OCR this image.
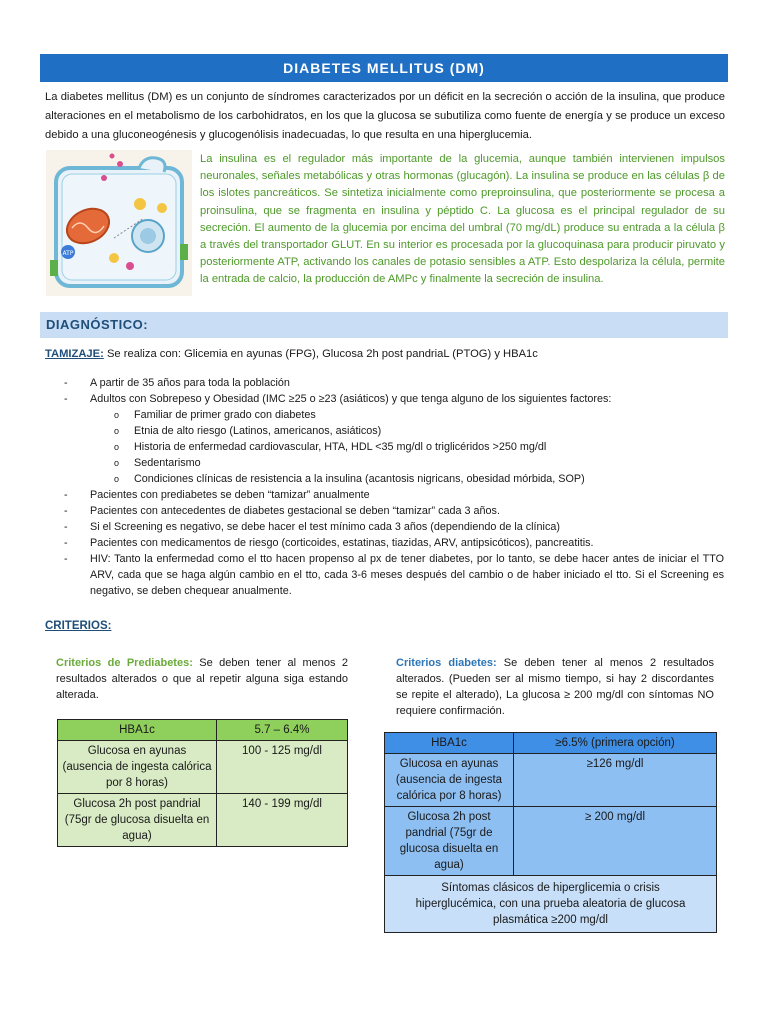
DIABETES MELLITUS (DM)
La diabetes mellitus (DM) es un conjunto de síndromes caracterizados por un déficit en la secreción o acción de la insulina, que produce alteraciones en el metabolismo de los carbohidratos, en los que la glucosa se subutiliza como fuente de energía y se produce un exceso debido a una gluconeogénesis y glucogenólisis inadecuadas, lo que resulta en una hiperglucemia.
ATP
La insulina es el regulador más importante de la glucemia, aunque también intervienen impulsos neuronales, señales metabólicas y otras hormonas (glucagón). La insulina se produce en las células β de los islotes pancreáticos. Se sintetiza inicialmente como preproinsulina, que posteriormente se procesa a proinsulina, que se fragmenta en insulina y péptido C. La glucosa es el principal regulador de su secreción. El aumento de la glucemia por encima del umbral (70 mg/dL) produce su entrada a la célula β a través del transportador GLUT. En su interior es procesada por la glucoquinasa para producir piruvato y posteriormente ATP, activando los canales de potasio sensibles a ATP. Esto despolariza la célula, permite la entrada de calcio, la producción de AMPc y finalmente la secreción de insulina.
DIAGNÓSTICO:
TAMIZAJE: Se realiza con: Glicemia en ayunas (FPG), Glucosa 2h post pandriaL (PTOG) y HBA1c
- A partir de 35 años para toda la población
- Adultos con Sobrepeso y Obesidad (IMC ≥25 o ≥23 (asiáticos) y que tenga alguno de los siguientes factores:
o Familiar de primer grado con diabetes
o Etnia de alto riesgo (Latinos, americanos, asiáticos)
o Historia de enfermedad cardiovascular, HTA, HDL <35 mg/dl o triglicéridos >250 mg/dl
o Sedentarismo
o Condiciones clínicas de resistencia a la insulina (acantosis nigricans, obesidad mórbida, SOP)
- Pacientes con prediabetes se deben “tamizar” anualmente
- Pacientes con antecedentes de diabetes gestacional se deben “tamizar” cada 3 años.
- Si el Screening es negativo, se debe hacer el test mínimo cada 3 años (dependiendo de la clínica)
- Pacientes con medicamentos de riesgo (corticoides, estatinas, tiazidas, ARV, antipsicóticos), pancreatitis.
- HIV: Tanto la enfermedad como el tto hacen propenso al px de tener diabetes, por lo tanto, se debe hacer antes de iniciar el TTO ARV, cada que se haga algún cambio en el tto, cada 3-6 meses después del cambio o de haber iniciado el tto. Si el Screening es negativo, se deben chequear anualmente.
CRITERIOS:
Criterios de Prediabetes: Se deben tener al menos 2 resultados alterados o que al repetir alguna siga estando alterada.
Criterios diabetes: Se deben tener al menos 2 resultados alterados. (Pueden ser al mismo tiempo, si hay 2 discordantes se repite el alterado), La glucosa ≥ 200 mg/dl con síntomas NO requiere confirmación.
HBA1c	5.7 – 6.4%
Glucosa en ayunas (ausencia de ingesta calórica por 8 horas)	100 - 125 mg/dl
Glucosa 2h post pandrial (75gr de glucosa disuelta en agua)	140 - 199 mg/dl
HBA1c	≥6.5% (primera opción)
Glucosa en ayunas (ausencia de ingesta calórica por 8 horas)	≥126 mg/dl
Glucosa 2h post pandrial (75gr de glucosa disuelta en agua)	≥ 200 mg/dl
Síntomas clásicos de hiperglicemia o crisis hiperglucémica, con una prueba aleatoria de glucosa plasmática ≥200 mg/dl	
